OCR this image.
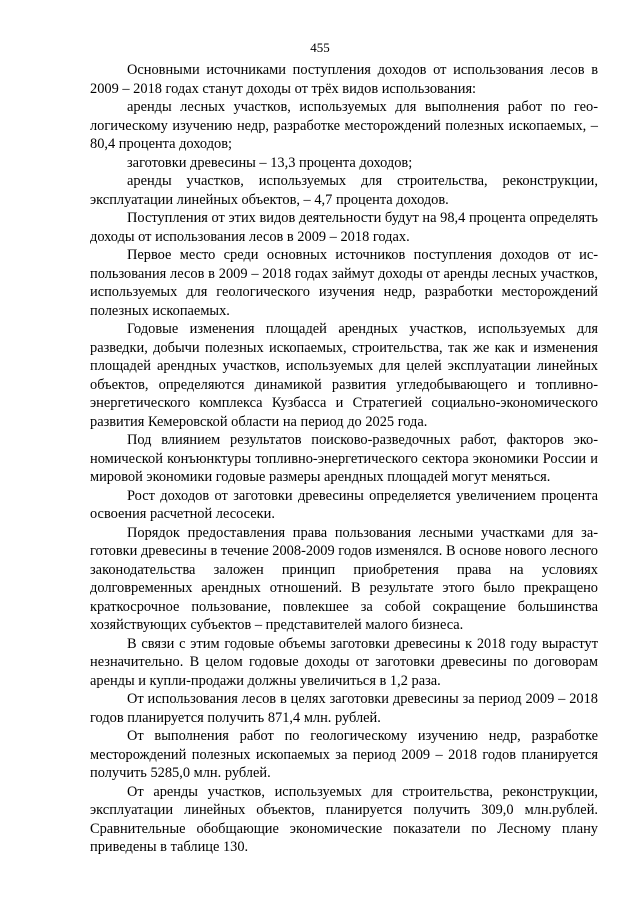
455

Основными источниками поступления доходов от использования лесов в 2009 – 2018 годах станут доходы от трёх видов использования:

аренды лесных участков, используемых для выполнения работ по геологическому изучению недр, разработке месторождений полезных ископаемых, – 80,4 процента доходов;

заготовки древесины – 13,3 процента доходов;

аренды участков, используемых для строительства, реконструкции, эксплуатации линейных объектов, – 4,7 процента доходов.

Поступления от этих видов деятельности будут на 98,4 процента определять доходы от использования лесов в 2009 – 2018 годах.

Первое место среди основных источников поступления доходов от использования лесов в 2009 – 2018 годах займут доходы от аренды лесных участков, используемых для геологического изучения недр, разработки месторождений полезных ископаемых.

Годовые изменения площадей арендных участков, используемых для разведки, добычи полезных ископаемых, строительства, так же как и изменения площадей арендных участков, используемых для целей эксплуатации линейных объектов, определяются динамикой развития угледобывающего и топливно-энергетического комплекса Кузбасса и Стратегией социально-экономического развития Кемеровской области на период до 2025 года.

Под влиянием результатов поисково-разведочных работ, факторов экономической конъюнктуры топливно-энергетического сектора экономики России и мировой экономики годовые размеры арендных площадей могут меняться.

Рост доходов от заготовки древесины определяется увеличением процента освоения расчетной лесосеки.

Порядок предоставления права пользования лесными участками для заготовки древесины в течение 2008-2009 годов изменялся. В основе нового лесного законодательства заложен принцип приобретения права на условиях долговременных арендных отношений. В результате этого было прекращено краткосрочное пользование, повлекшее за собой сокращение большинства хозяйствующих субъектов – представителей малого бизнеса.

В связи с этим годовые объемы заготовки древесины к 2018 году вырастут незначительно. В целом годовые доходы от заготовки древесины по договорам аренды и купли-продажи должны увеличиться в 1,2 раза.

От использования лесов в целях заготовки древесины за период 2009 – 2018 годов планируется получить 871,4 млн. рублей.

От выполнения работ по геологическому изучению недр, разработке месторождений полезных ископаемых за период 2009 – 2018 годов планируется получить 5285,0 млн. рублей.

От аренды участков, используемых для строительства, реконструкции, эксплуатации линейных объектов, планируется получить 309,0 млн.рублей. Сравнительные обобщающие экономические показатели по Лесному плану приведены в таблице 130.
